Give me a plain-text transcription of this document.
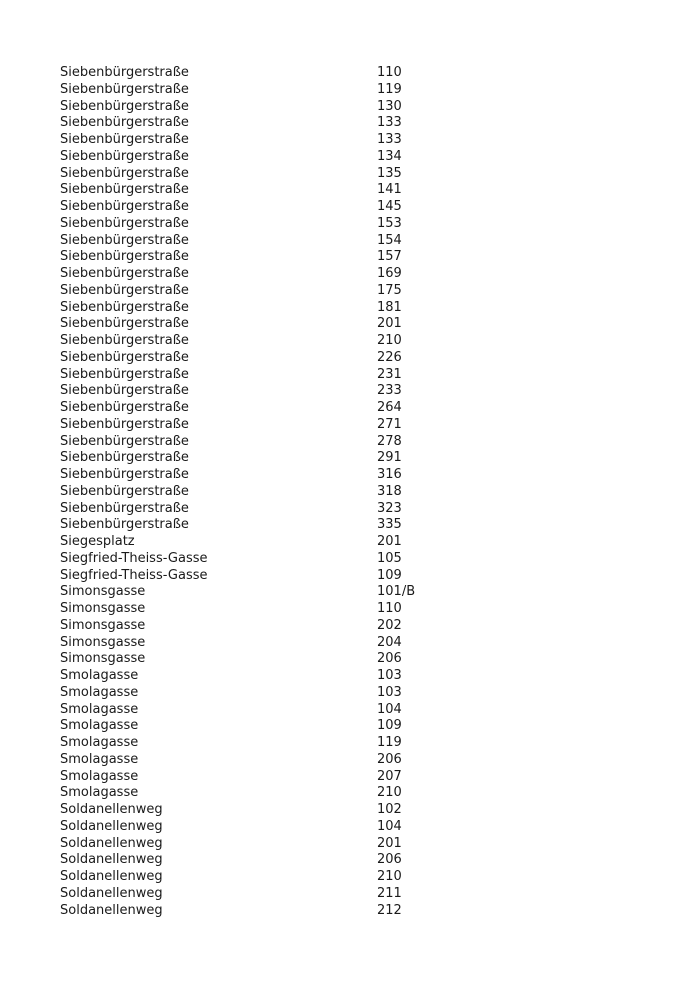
Siebenbürgerstraße	110
Siebenbürgerstraße	119
Siebenbürgerstraße	130
Siebenbürgerstraße	133
Siebenbürgerstraße	133
Siebenbürgerstraße	134
Siebenbürgerstraße	135
Siebenbürgerstraße	141
Siebenbürgerstraße	145
Siebenbürgerstraße	153
Siebenbürgerstraße	154
Siebenbürgerstraße	157
Siebenbürgerstraße	169
Siebenbürgerstraße	175
Siebenbürgerstraße	181
Siebenbürgerstraße	201
Siebenbürgerstraße	210
Siebenbürgerstraße	226
Siebenbürgerstraße	231
Siebenbürgerstraße	233
Siebenbürgerstraße	264
Siebenbürgerstraße	271
Siebenbürgerstraße	278
Siebenbürgerstraße	291
Siebenbürgerstraße	316
Siebenbürgerstraße	318
Siebenbürgerstraße	323
Siebenbürgerstraße	335
Siegesplatz	201
Siegfried-Theiss-Gasse	105
Siegfried-Theiss-Gasse	109
Simonsgasse	101/B
Simonsgasse	110
Simonsgasse	202
Simonsgasse	204
Simonsgasse	206
Smolagasse	103
Smolagasse	103
Smolagasse	104
Smolagasse	109
Smolagasse	119
Smolagasse	206
Smolagasse	207
Smolagasse	210
Soldanellenweg	102
Soldanellenweg	104
Soldanellenweg	201
Soldanellenweg	206
Soldanellenweg	210
Soldanellenweg	211
Soldanellenweg	212
